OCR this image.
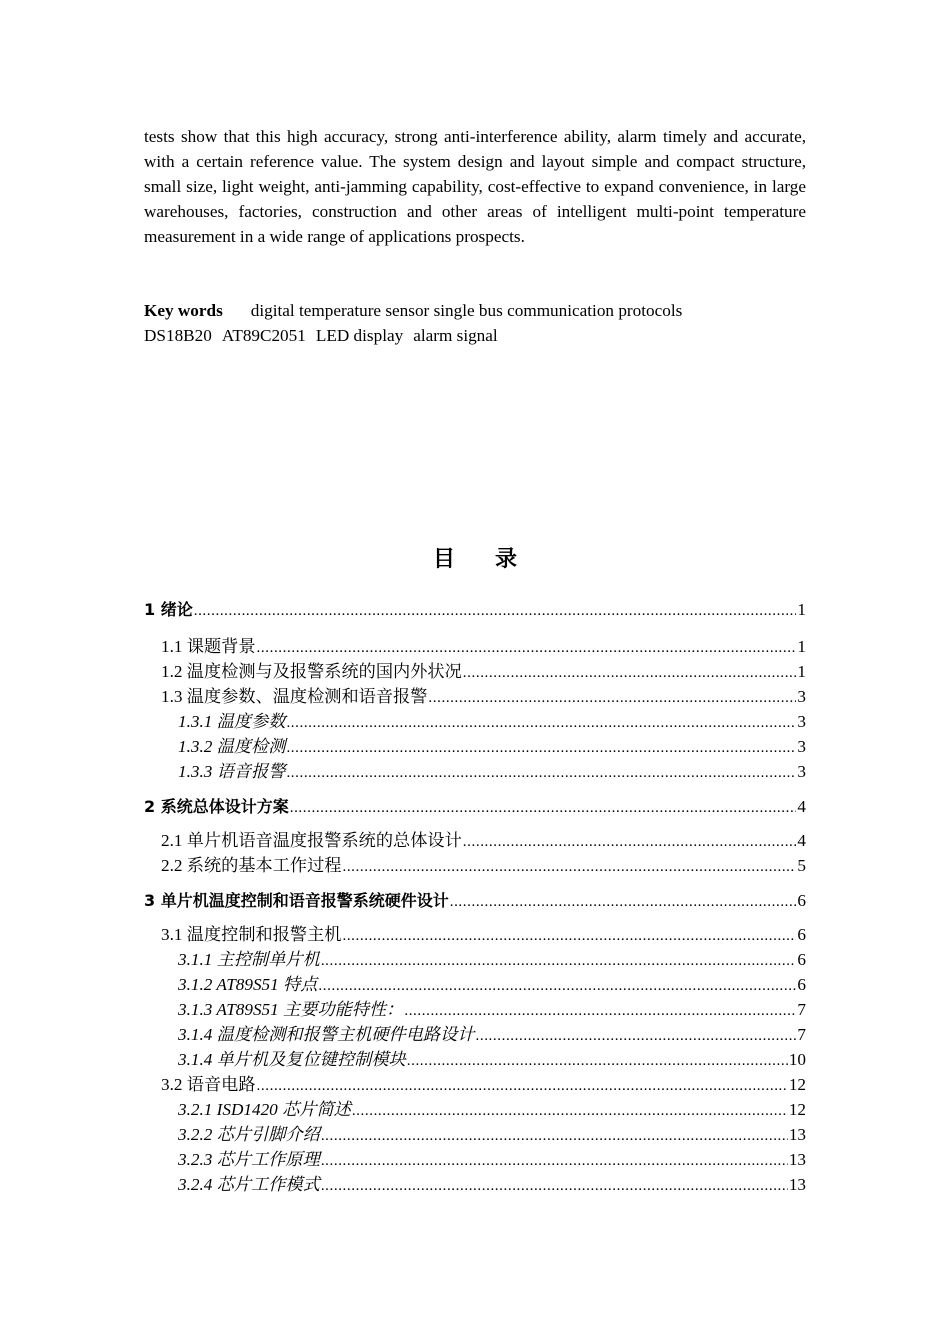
tests show that this high accuracy, strong anti-interference ability, alarm timely and accurate, with a certain reference value. The system design and layout simple and compact structure, small size, light weight, anti-jamming capability, cost-effective to expand convenience, in large warehouses, factories, construction and other areas of intelligent multi-point temperature measurement in a wide range of applications prospects.

Key words digital temperature sensor single bus communication protocols
DS18B20 AT89C2051 LED display alarm signal

目录
1 绪论 .....	1
1.1 课题背景 .....	1
1.2 温度检测与及报警系统的国内外状况 .....	1
1.3 温度参数、温度检测和语音报警 .....	3
1.3.1 温度参数 .....	3
1.3.2 温度检测 .....	3
1.3.3 语音报警 .....	3
2 系统总体设计方案 .....	4
2.1 单片机语音温度报警系统的总体设计 .....	4
2.2 系统的基本工作过程 .....	5
3 单片机温度控制和语音报警系统硬件设计 .....	6
3.1 温度控制和报警主机 .....	6
3.1.1 主控制单片机 .....	6
3.1.2 AT89S51 特点 .....	6
3.1.3 AT89S51 主要功能特性： .....	7
3.1.4 温度检测和报警主机硬件电路设计 .....	7
3.1.4 单片机及复位键控制模块 .....	10
3.2 语音电路 .....	12
3.2.1 ISD1420 芯片简述 .....	12
3.2.2 芯片引脚介绍 .....	13
3.2.3 芯片工作原理 .....	13
3.2.4 芯片工作模式 .....	13
